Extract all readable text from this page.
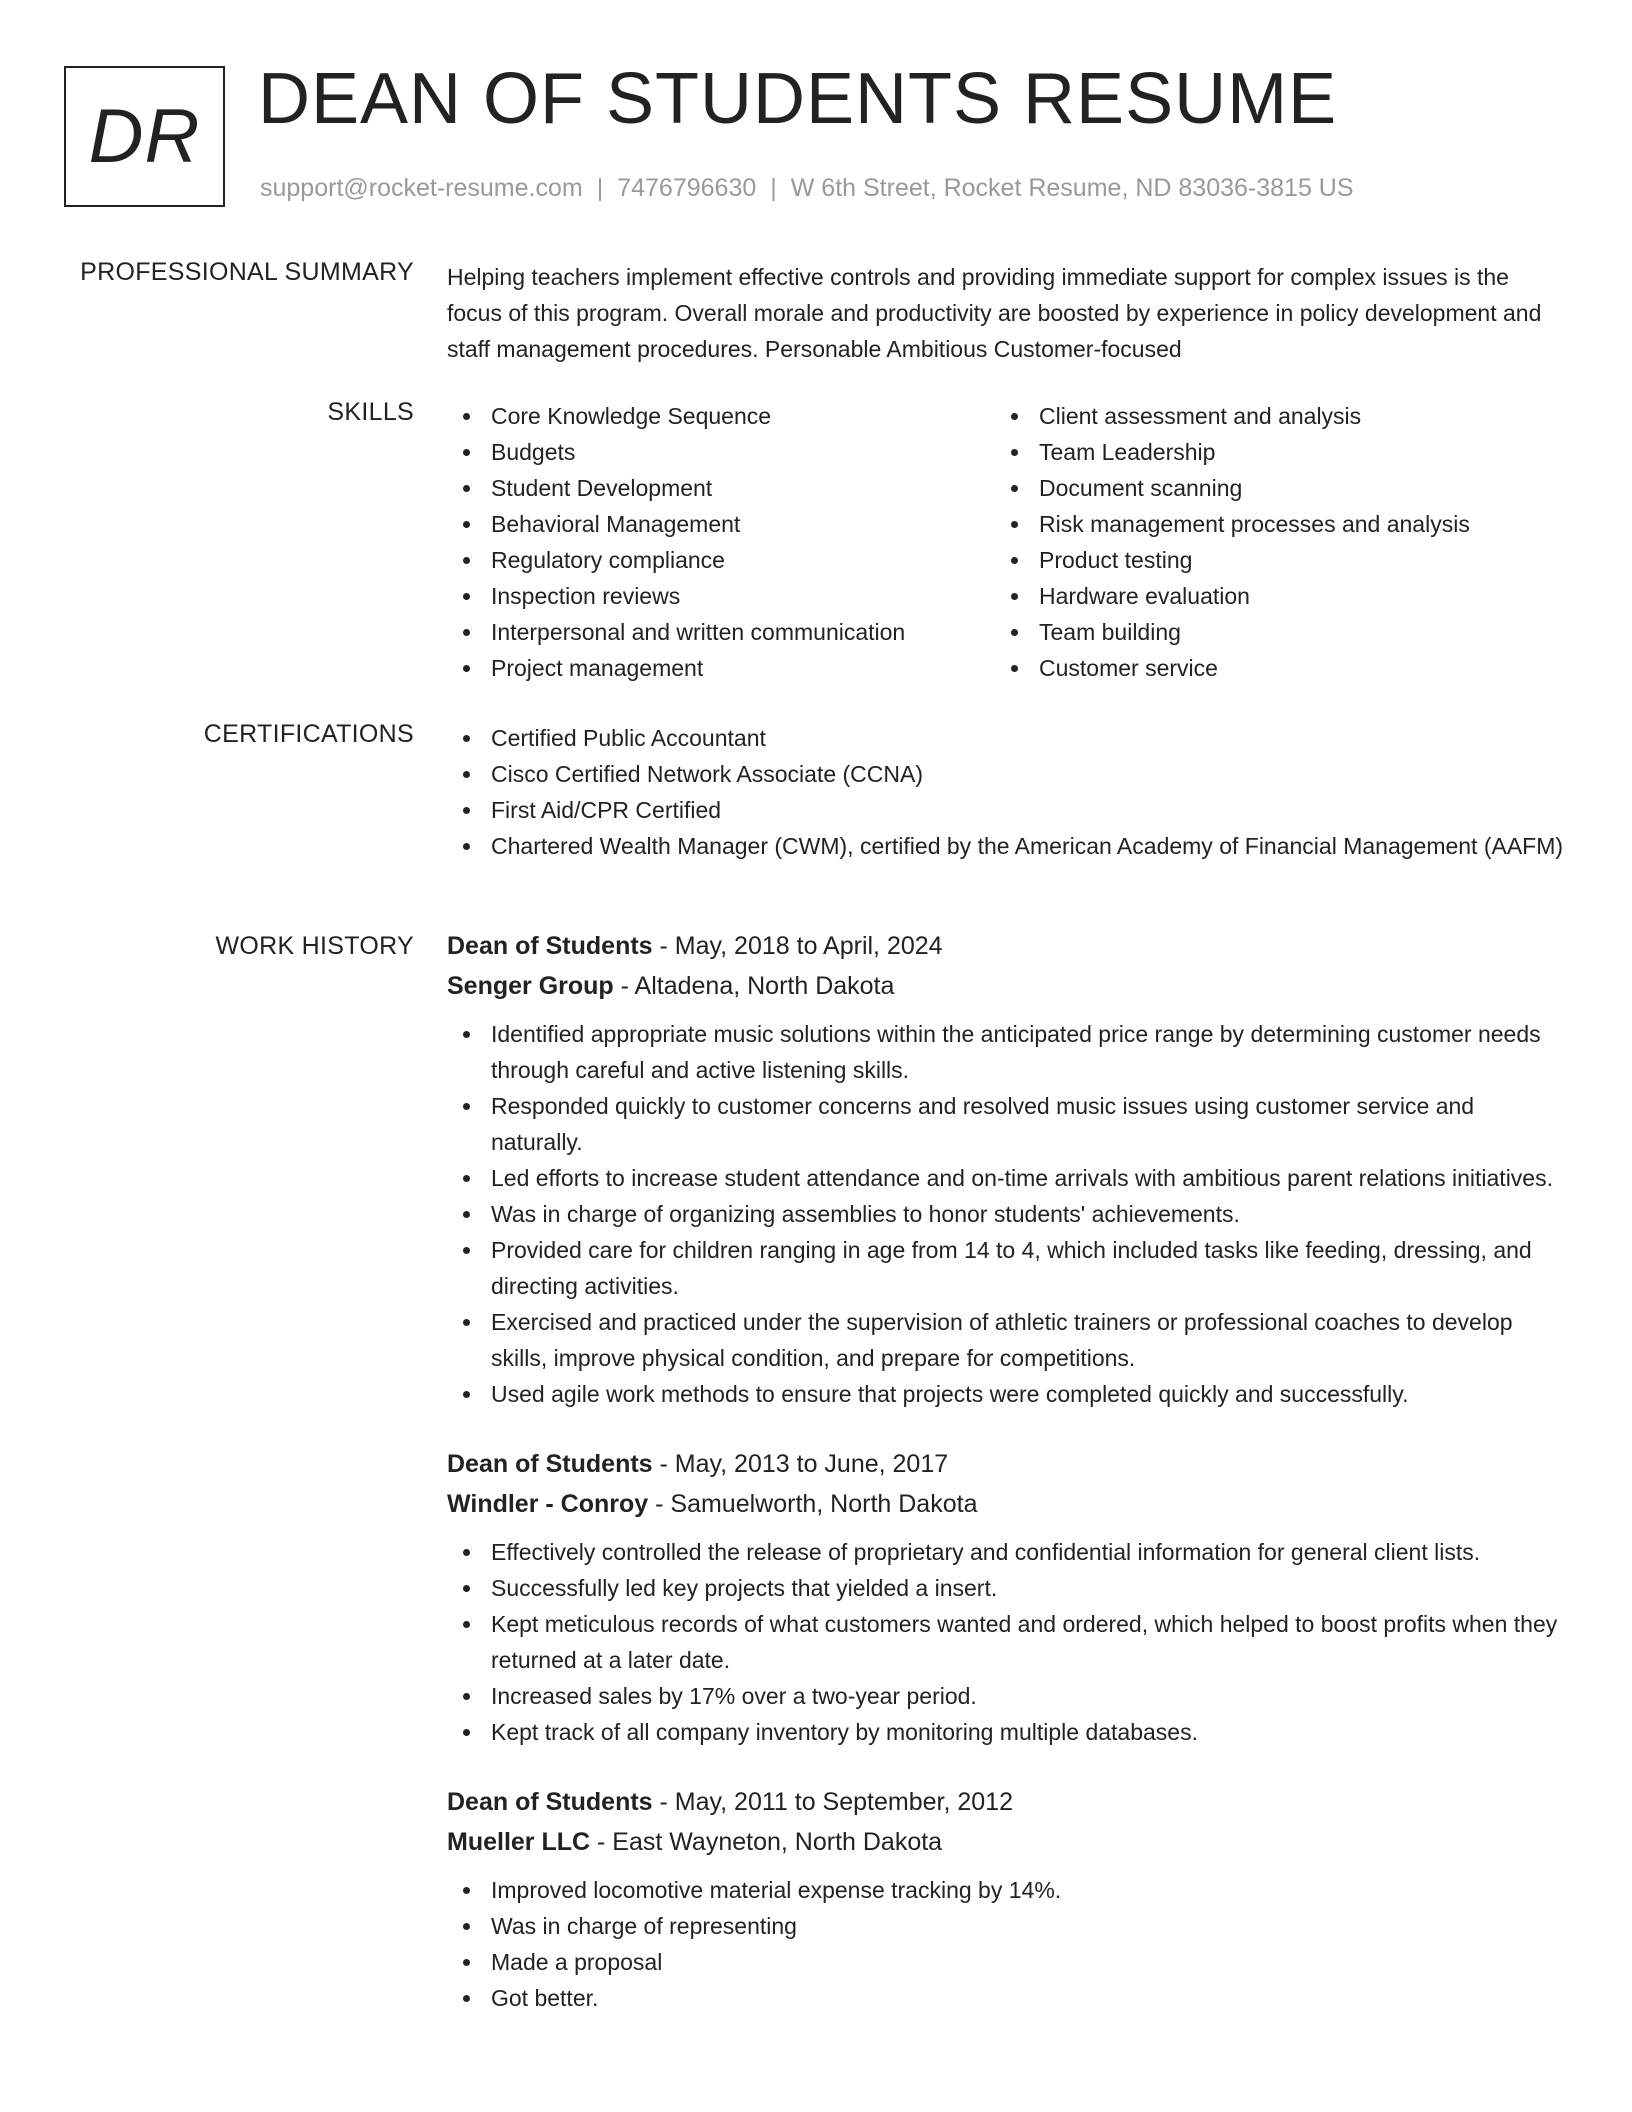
DR DEAN OF STUDENTS RESUME
support@rocket-resume.com | 7476796630 | W 6th Street, Rocket Resume, ND 83036-3815 US
PROFESSIONAL SUMMARY Helping teachers implement effective controls and providing immediate support for complex issues is the focus of this program. Overall morale and productivity are boosted by experience in policy development and staff management procedures. Personable Ambitious Customer-focused

SKILLS	Core Knowledge Sequence
Budgets
Student Development
Behavioral Management
Regulatory compliance
Inspection reviews
Interpersonal and written communication
Project management
Client assessment and analysis
Team Leadership
Document scanning
Risk management processes and analysis
Product testing
Hardware evaluation
Team building
Customer service
CERTIFICATIONS	Certified Public Accountant
Cisco Certified Network Associate (CCNA)
First Aid/CPR Certified
Chartered Wealth Manager (CWM), certified by the American Academy of Financial Management (AAFM)
WORK HISTORY Dean of Students - May, 2018 to April, 2024
Senger Group - Altadena, North Dakota
Identified appropriate music solutions within the anticipated price range by determining customer needs through careful and active listening skills.
Responded quickly to customer concerns and resolved music issues using customer service and naturally.
Led efforts to increase student attendance and on-time arrivals with ambitious parent relations initiatives.
Was in charge of organizing assemblies to honor students' achievements.
Provided care for children ranging in age from 14 to 4, which included tasks like feeding, dressing, and directing activities.
Exercised and practiced under the supervision of athletic trainers or professional coaches to develop skills, improve physical condition, and prepare for competitions.
Used agile work methods to ensure that projects were completed quickly and successfully.
Dean of Students - May, 2013 to June, 2017
Windler - Conroy - Samuelworth, North Dakota
Effectively controlled the release of proprietary and confidential information for general client lists.
Successfully led key projects that yielded a insert.
Kept meticulous records of what customers wanted and ordered, which helped to boost profits when they returned at a later date.
Increased sales by 17% over a two-year period.
Kept track of all company inventory by monitoring multiple databases.
Dean of Students - May, 2011 to September, 2012
Mueller LLC - East Wayneton, North Dakota
Improved locomotive material expense tracking by 14%.
Was in charge of representing
Made a proposal
Got better.
